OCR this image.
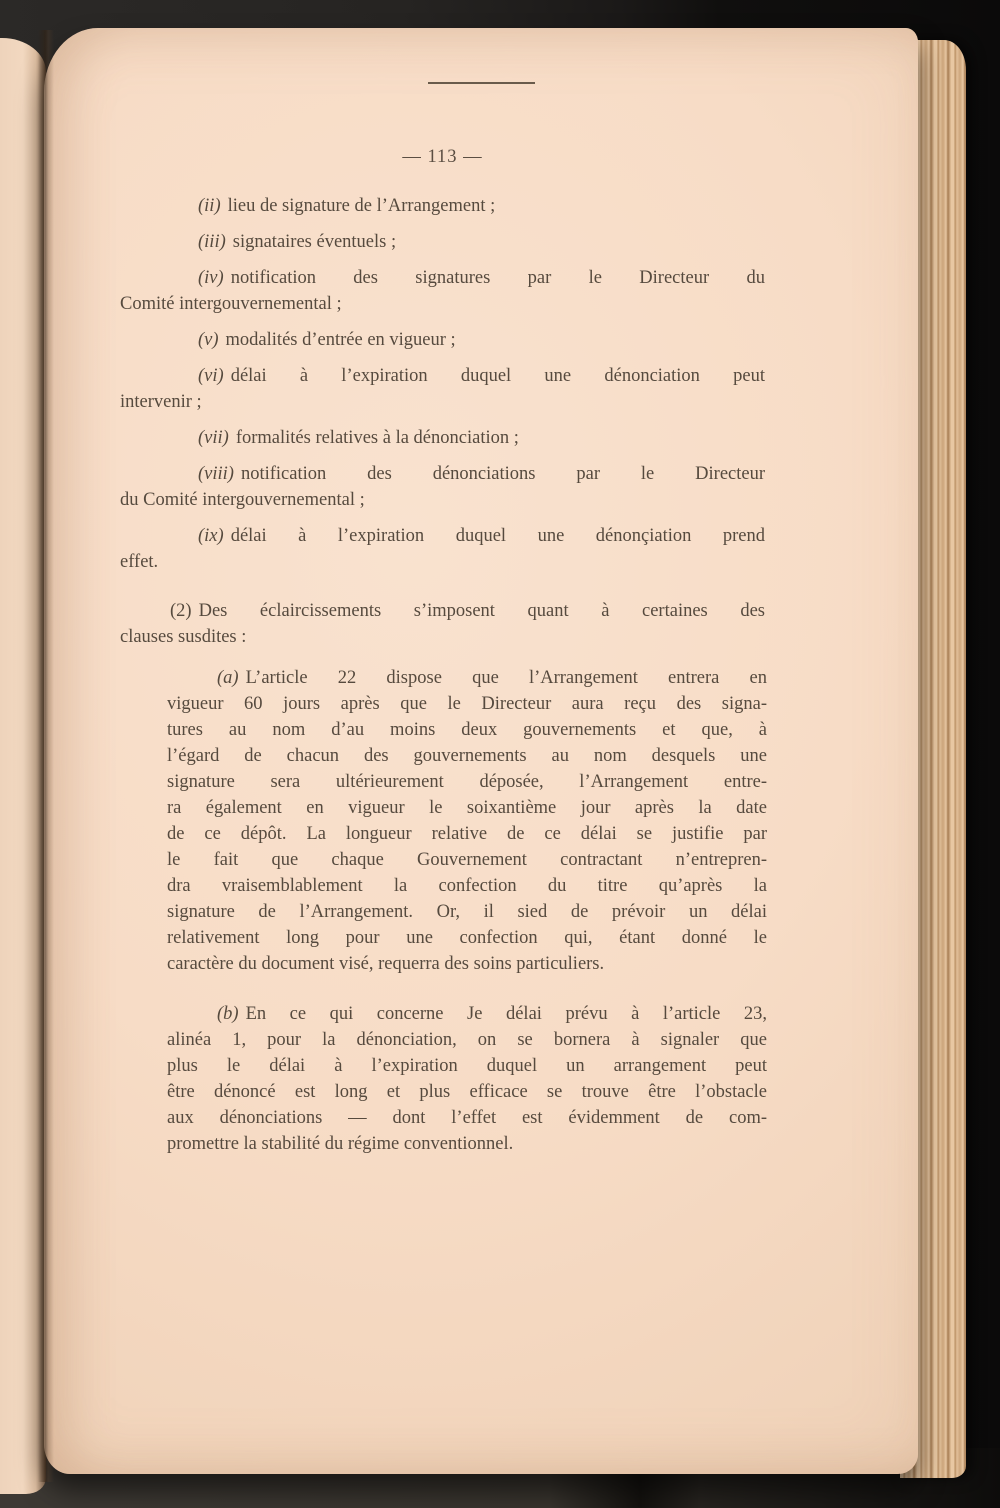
— 113 —
(ii) lieu de signature de l’Arrangement ;
(iii) signataires éventuels ;
(iv) notification des signatures par le Directeur du
Comité intergouvernemental ;
(v) modalités d’entrée en vigueur ;
(vi) délai à l’expiration duquel une dénonciation peut
intervenir ;
(vii) formalités relatives à la dénonciation ;
(viii) notification des dénonciations par le Directeur
du Comité intergouvernemental ;
(ix) délai à l’expiration duquel une dénonçiation prend
effet.
(2) Des éclaircissements s’imposent quant à certaines des
clauses susdites :
(a) L’article 22 dispose que l’Arrangement entrera en
vigueur 60 jours après que le Directeur aura reçu des signa-
tures au nom d’au moins deux gouvernements et que, à
l’égard de chacun des gouvernements au nom desquels une
signature sera ultérieurement déposée, l’Arrangement entre-
ra également en vigueur le soixantième jour après la date
de ce dépôt. La longueur relative de ce délai se justifie par
le fait que chaque Gouvernement contractant n’entrepren-
dra vraisemblablement la confection du titre qu’après la
signature de l’Arrangement. Or, il sied de prévoir un délai
relativement long pour une confection qui, étant donné le
caractère du document visé, requerra des soins particuliers.
(b) En ce qui concerne Je délai prévu à l’article 23,
alinéa 1, pour la dénonciation, on se bornera à signaler que
plus le délai à l’expiration duquel un arrangement peut
être dénoncé est long et plus efficace se trouve être l’obstacle
aux dénonciations — dont l’effet est évidemment de com-
promettre la stabilité du régime conventionnel.
